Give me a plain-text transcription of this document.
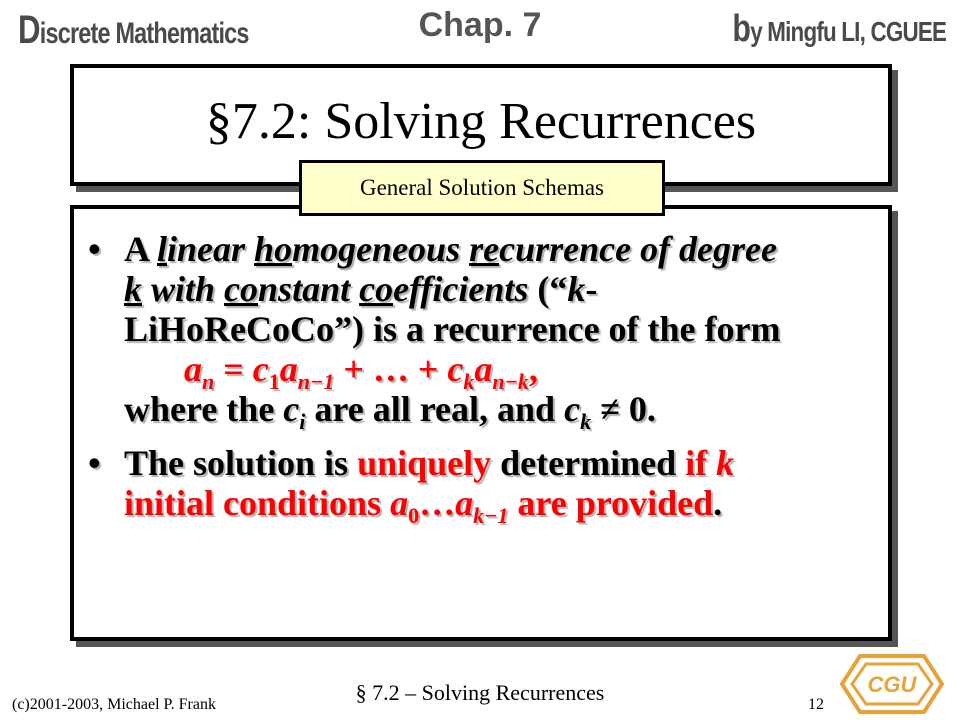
Discrete Mathematics	Chap. 7	by Mingfu LI, CGUEE
§7.2: Solving Recurrences
General Solution Schemas
• A linear homogeneous recurrence of degree
k with constant coefficients (“k-
LiHoReCoCo”) is a recurrence of the form
$a_n = c_1a_{n-1}$ + … + $c_ka_{n-k}$,
where the $c_i$ are all real, and $c_k \ne 0$.
• The solution is uniquely determined if k
initial conditions $a_0\dots a_{k-1}$ are provided.
(c)2001-2003, Michael P. Frank	§ 7.2 – Solving Recurrences	12
CGU
